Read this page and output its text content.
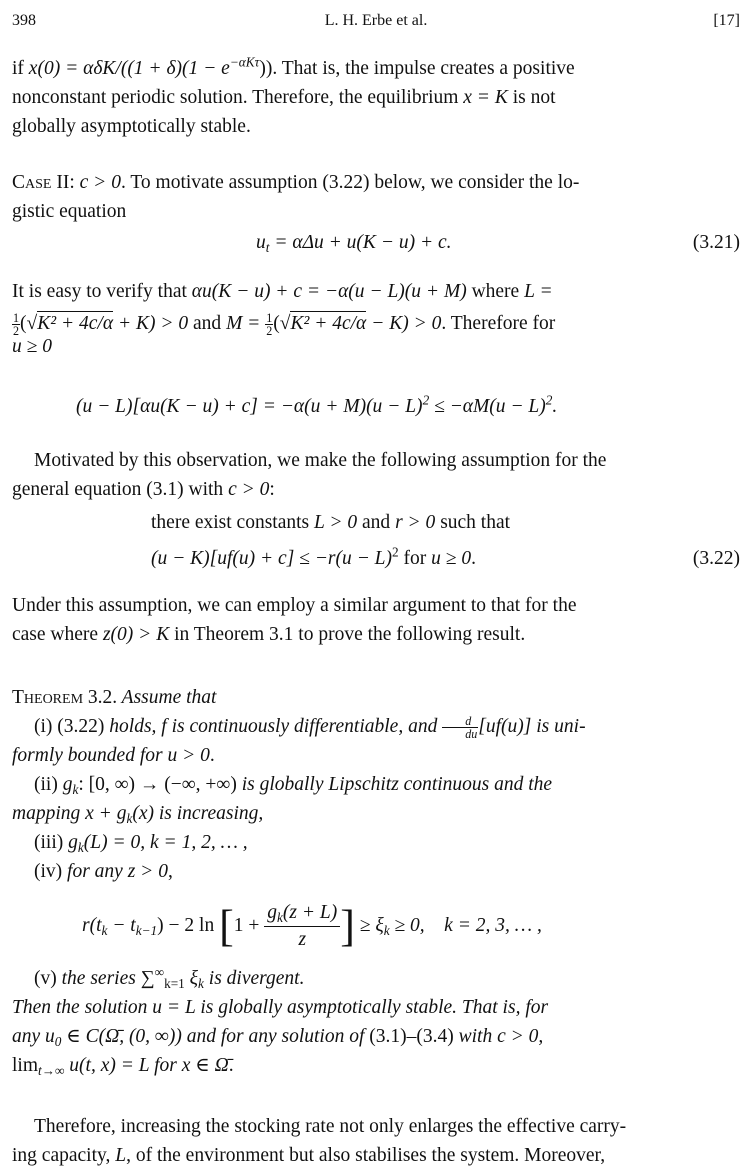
398	L. H. Erbe et al.	[17]

if $x(0) = \alpha\delta K/((1 + \delta)(1 - e^{-\alpha K\tau}))$. That is, the impulse creates a positive

nonconstant periodic solution. Therefore, the equilibrium x = K is not

globally asymptotically stable.

Case II: c > 0. To motivate assumption (3.22) below, we consider the lo-

gistic equation

$u_t = \alpha\Delta u + u(K - u) + c$.	(3.21)

It is easy to verify that αu(K − u) + c = −α(u − L)(u + M) where L =

$\frac{1}{2} (√K^2 + 4c/\alpha + K) > 0$ and $M = \frac{1}{2} (√K^2 + 4c/\alpha - K) > 0$. Therefore for

u ≥ 0

$(u - L)[\alpha u(K - u) + c] = -\alpha(u + M)(u - L)^2 \le -\alpha M(u - L)^2$.

Motivated by this observation, we make the following assumption for the

general equation (3.1) with c > 0:

there exist constants L > 0 and r > 0 such that
$(u - K)[uf(u) + c] \le -r(u - L)^2$ for u ≥ 0.	(3.22)

Under this assumption, we can employ a similar argument to that for the

case where z(0) > K in Theorem 3.1 to prove the following result.

Theorem 3.2. Assume that

(i) (3.22) holds, f is continuously differentiable, and $\frac{d}{du} [uf(u)]$ is uni-

formly bounded for u > 0.

(ii) $g_k$: [0, ∞) → (−∞, +∞) is globally Lipschitz continuous and the

mapping $x + g_k(x)$ is increasing,

(iii) $g_k(L) = 0$, k = 1, 2, … ,

(iv) for any z > 0,

$r(t_k - t_{k-1}) - 2$ $\ln [1 + \frac{g_k(z + L)}{z}$ ] ≥ $\xi_k \ge 0$, k = 2, 3, … ,

(v) the series $\sum^\infty_{k=1}$ $\xi_k$ is divergent.

Then the solution u = L is globally asymptotically stable. That is, for

any $u_0$ ∈ C(Ω̄, (0, ∞)) and for any solution of (3.1)–(3.4) with c > 0,

$\lim_{t\to\infty} u(t$, x) = L for x ∈ Ω̄.

Therefore, increasing the stocking rate not only enlarges the effective carry-

ing capacity, L, of the environment but also stabilises the system. Moreover,
